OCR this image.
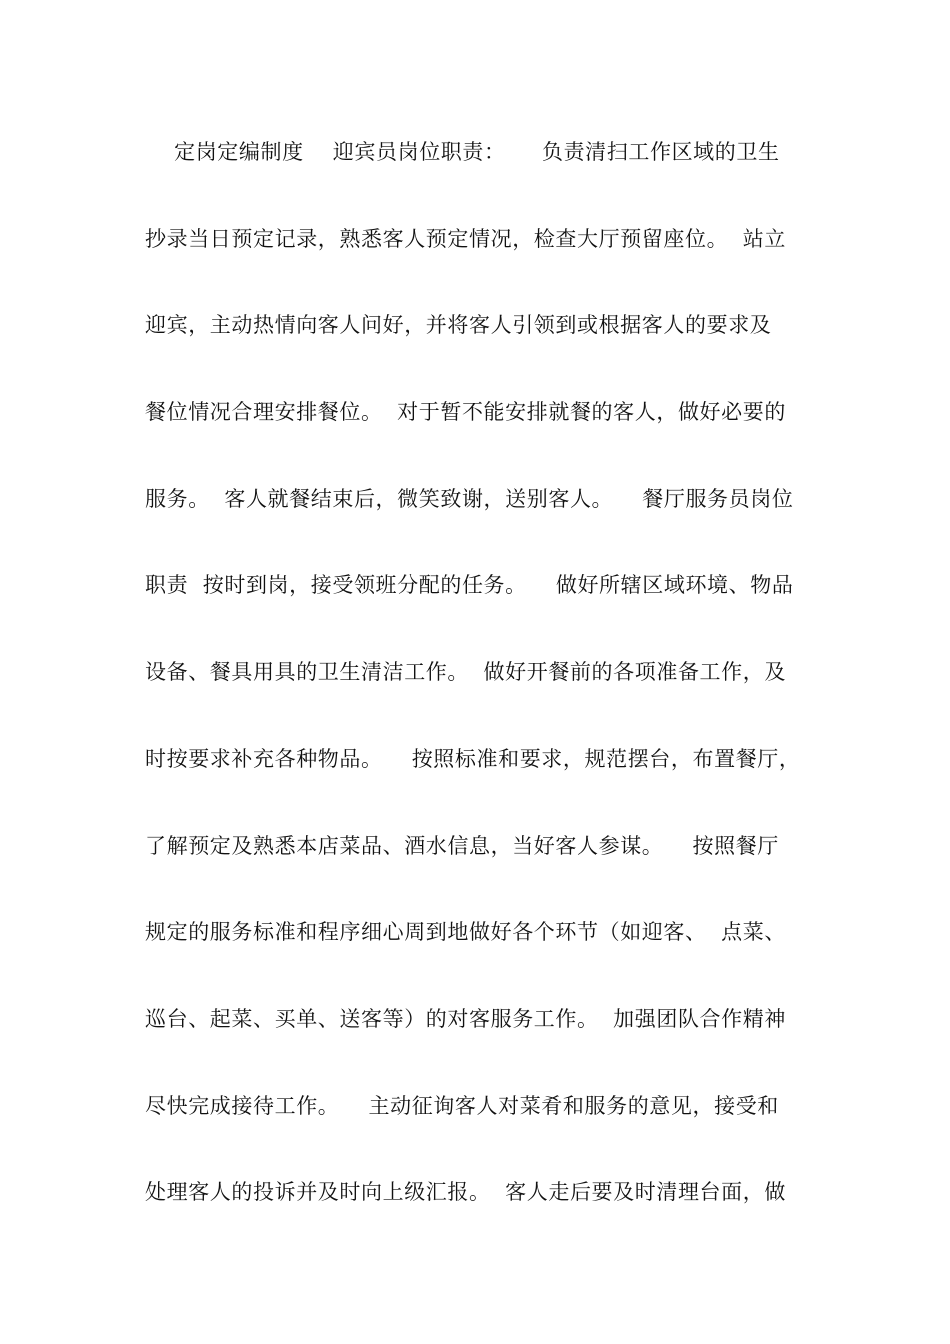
定岗定编制度    迎宾员岗位职责：     负责清扫工作区域的卫生
抄录当日预定记录，熟悉客人预定情况，检查大厅预留座位。  站立
迎宾，主动热情向客人问好，并将客人引领到或根据客人的要求及
餐位情况合理安排餐位。  对于暂不能安排就餐的客人，做好必要的
服务。  客人就餐结束后，微笑致谢，送别客人。    餐厅服务员岗位
职责  按时到岗，接受领班分配的任务。    做好所辖区域环境、物品
设备、餐具用具的卫生清洁工作。  做好开餐前的各项准备工作，及
时按要求补充各种物品。    按照标准和要求，规范摆台，布置餐厅，
了解预定及熟悉本店菜品、酒水信息，当好客人参谋。    按照餐厅
规定的服务标准和程序细心周到地做好各个环节（如迎客、  点菜、
巡台、起菜、买单、送客等）的对客服务工作。  加强团队合作精神
尽快完成接待工作。    主动征询客人对菜肴和服务的意见，接受和
处理客人的投诉并及时向上级汇报。  客人走后要及时清理台面，做
